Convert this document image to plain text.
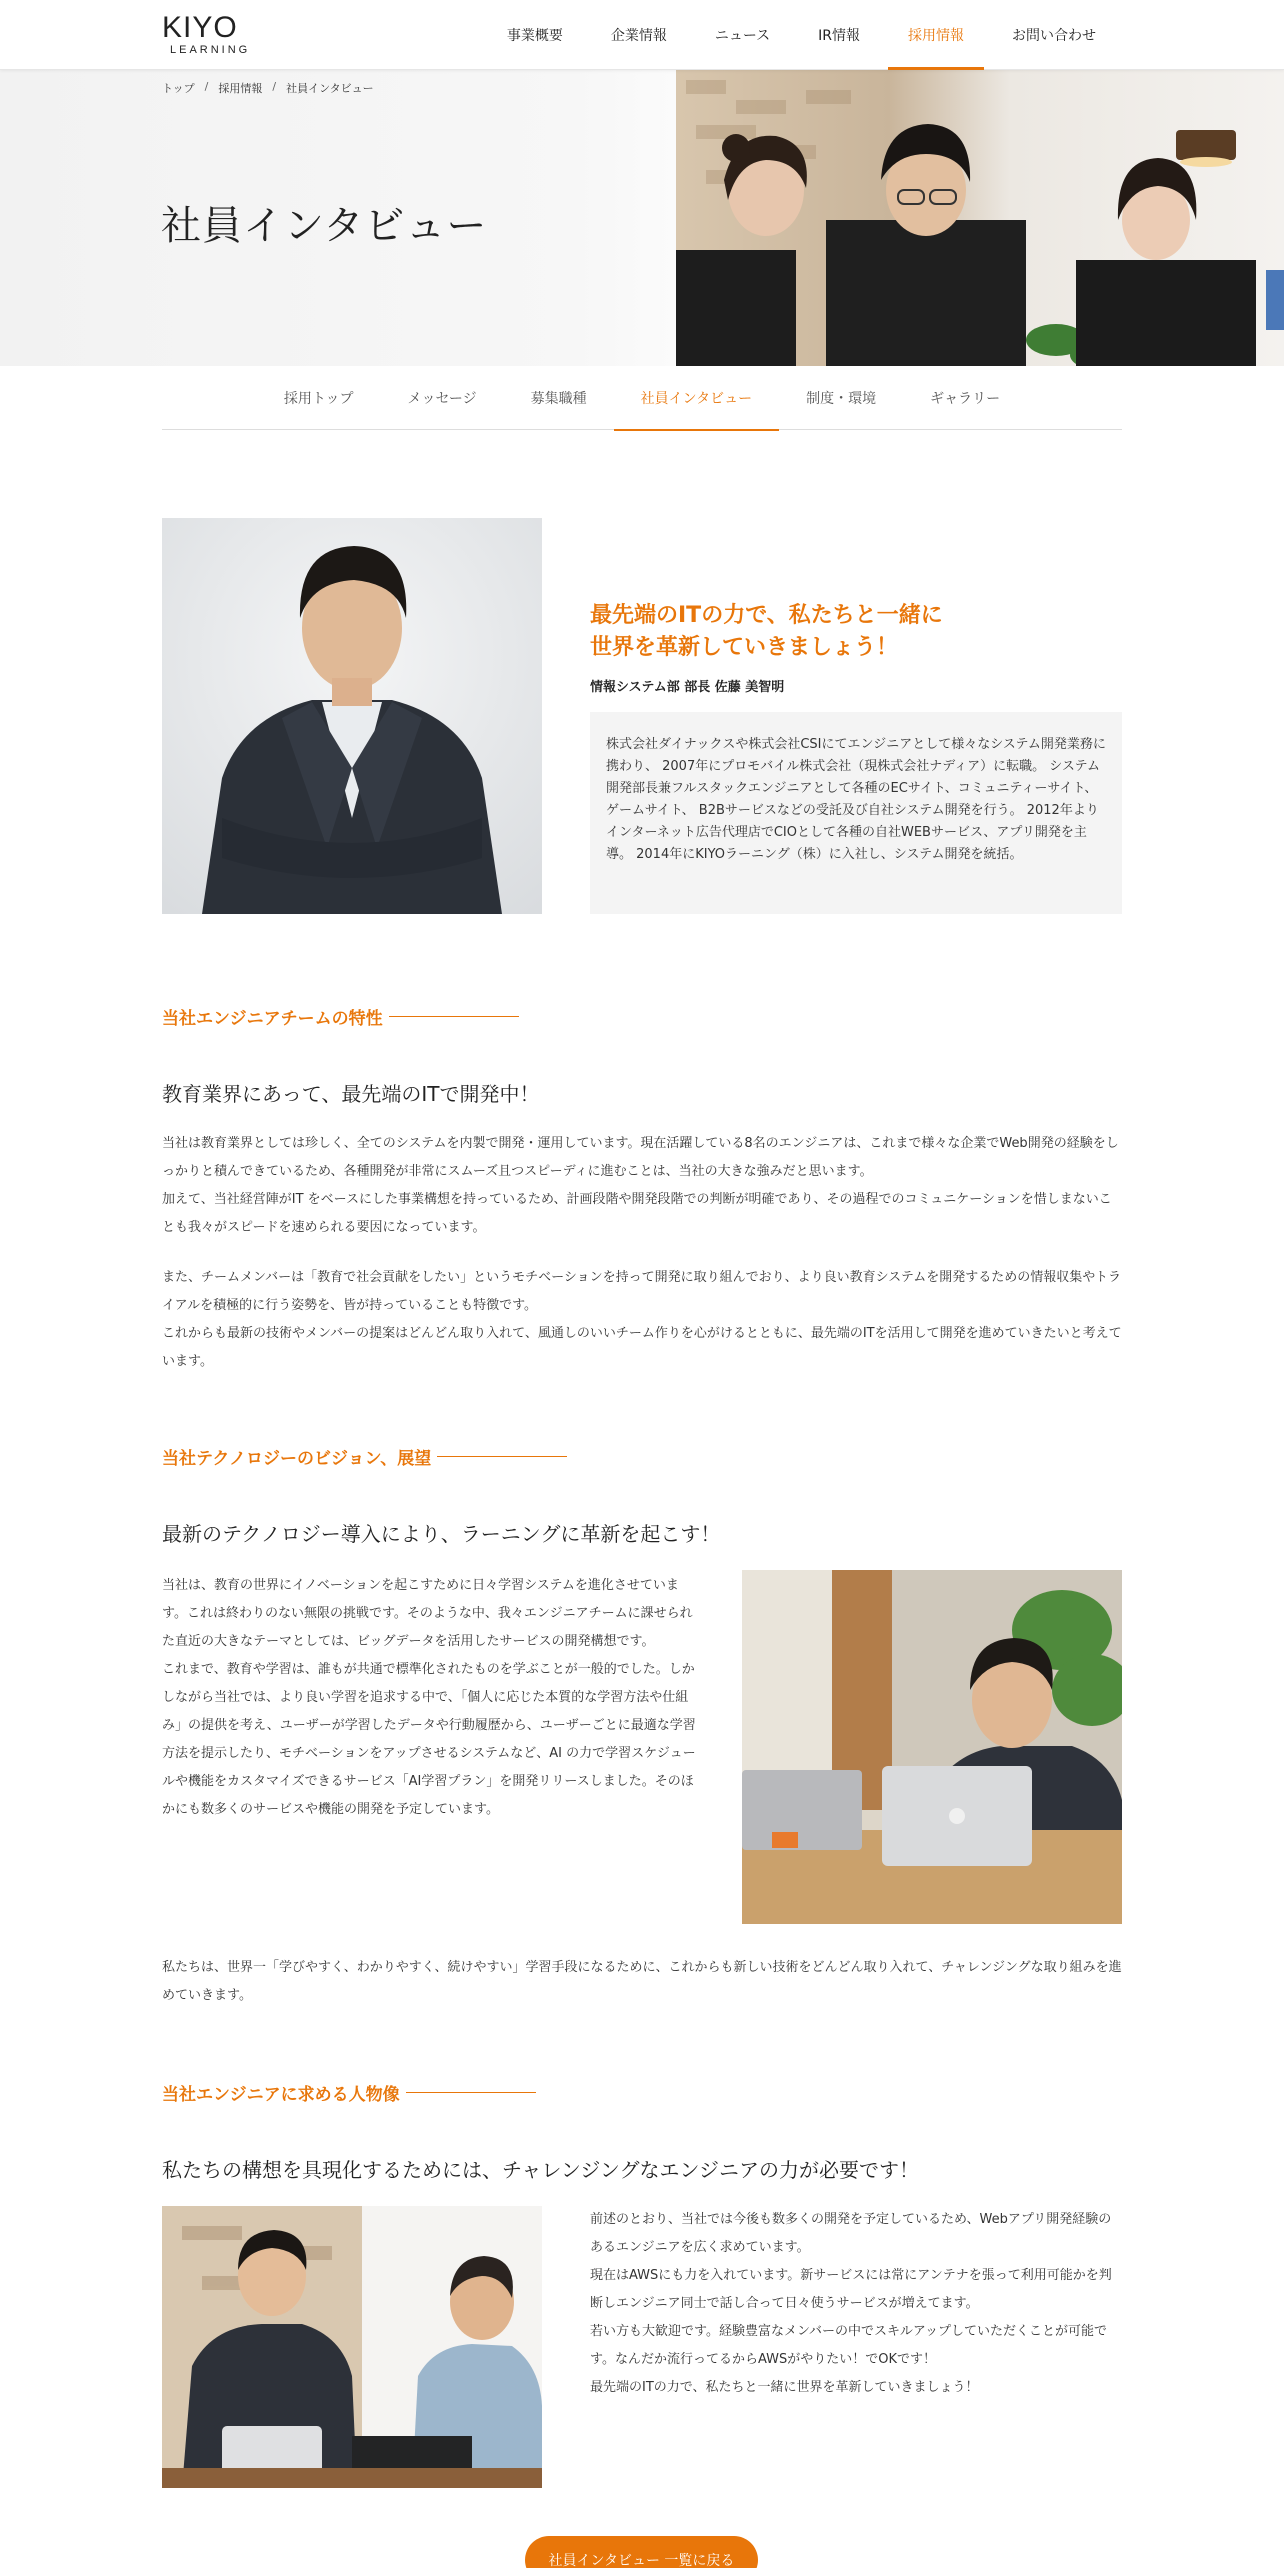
KIYO
LEARNING
事業概要	企業情報	ニュース	IR情報	採用情報	お問い合わせ
トップ / 採用情報 / 社員インタビュー
社員インタビュー
採用トップ	メッセージ	募集職種	社員インタビュー	制度・環境	ギャラリー
最先端のITの力で、私たちと一緒に
世界を革新していきましょう！
情報システム部 部長 佐藤 美智明

株式会社ダイナックスや株式会社CSIにてエンジニアとして様々なシステム開発業務に携わり、 2007年にプロモバイル株式会社（現株式会社ナディア）に転職。 システム開発部長兼フルスタックエンジニアとして各種のECサイト、コミュニティーサイト、ゲームサイト、 B2Bサービスなどの受託及び自社システム開発を行う。 2012年よりインターネット広告代理店でCIOとして各種の自社WEBサービス、アプリ開発を主導。 2014年にKIYOラーニング（株）に入社し、システム開発を統括。

当社エンジニアチームの特性
教育業界にあって、最先端のITで開発中！

当社は教育業界としては珍しく、全てのシステムを内製で開発・運用しています。現在活躍している8名のエンジニアは、これまで様々な企業でWeb開発の経験をしっかりと積んできているため、各種開発が非常にスムーズ且つスピーディに進むことは、当社の大きな強みだと思います。
加えて、当社経営陣がIT をベースにした事業構想を持っているため、計画段階や開発段階での判断が明確であり、その過程でのコミュニケーションを惜しまないことも我々がスピードを速められる要因になっています。

また、チームメンバーは「教育で社会貢献をしたい」というモチベーションを持って開発に取り組んでおり、より良い教育システムを開発するための情報収集やトライアルを積極的に行う姿勢を、皆が持っていることも特徴です。
これからも最新の技術やメンバーの提案はどんどん取り入れて、風通しのいいチーム作りを心がけるとともに、最先端のITを活用して開発を進めていきたいと考えています。

当社テクノロジーのビジョン、展望
最新のテクノロジー導入により、ラーニングに革新を起こす！

当社は、教育の世界にイノベーションを起こすために日々学習システムを進化させています。これは終わりのない無限の挑戦です。そのような中、我々エンジニアチームに課せられた直近の大きなテーマとしては、ビッグデータを活用したサービスの開発構想です。
これまで、教育や学習は、誰もが共通で標準化されたものを学ぶことが一般的でした。しかしながら当社では、より良い学習を追求する中で、「個人に応じた本質的な学習方法や仕組み」の提供を考え、ユーザーが学習したデータや行動履歴から、ユーザーごとに最適な学習方法を提示したり、モチベーションをアップさせるシステムなど、AI の力で学習スケジュールや機能をカスタマイズできるサービス「AI学習プラン」を開発リリースしました。そのほかにも数多くのサービスや機能の開発を予定しています。

私たちは、世界一「学びやすく、わかりやすく、続けやすい」学習手段になるために、これからも新しい技術をどんどん取り入れて、チャレンジングな取り組みを進めていきます。

当社エンジニアに求める人物像
私たちの構想を具現化するためには、チャレンジングなエンジニアの力が必要です！

前述のとおり、当社では今後も数多くの開発を予定しているため、Webアプリ開発経験のあるエンジニアを広く求めています。
現在はAWSにも力を入れています。新サービスには常にアンテナを張って利用可能かを判断しエンジニア同士で話し合って日々使うサービスが増えてます。
若い方も大歓迎です。経験豊富なメンバーの中でスキルアップしていただくことが可能です。なんだか流行ってるからAWSがやりたい！でOKです！
最先端のITの力で、私たちと一緒に世界を革新していきましょう！

社員インタビュー 一覧に戻る
